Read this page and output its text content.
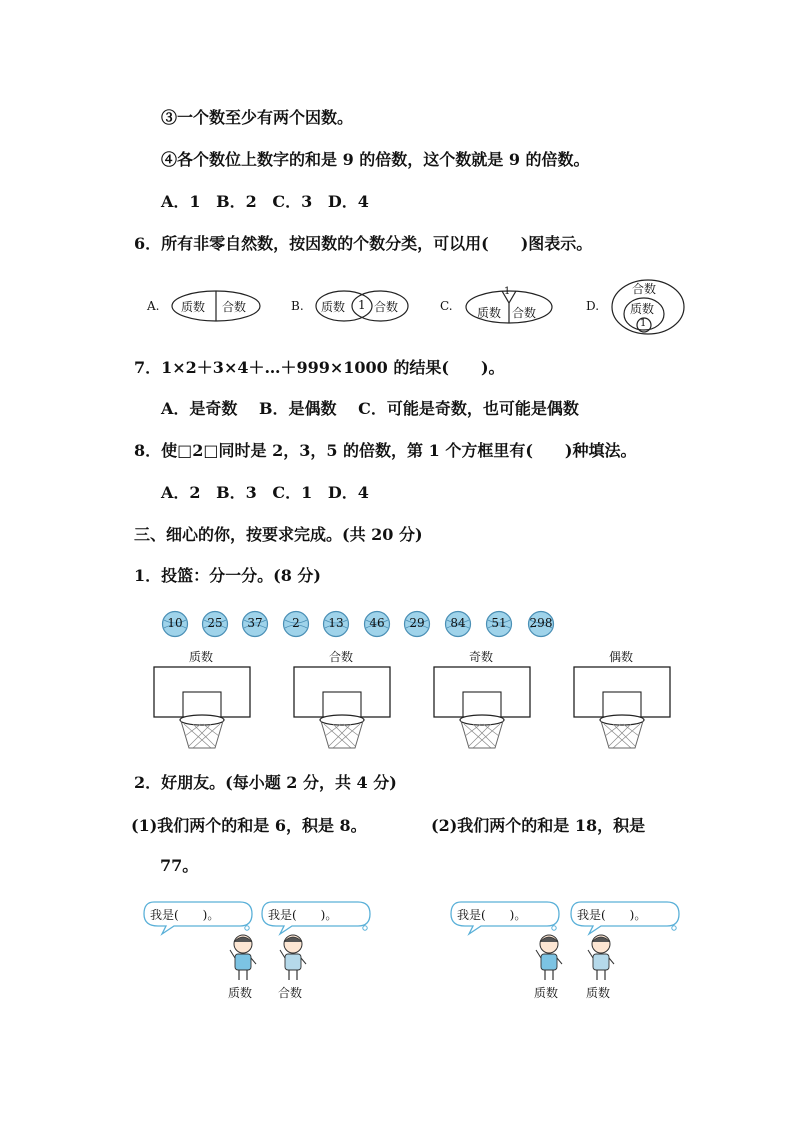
③一个数至少有两个因数。
④各个数位上数字的和是 9 的倍数，这个数就是 9 的倍数。
A．1 B．2 C．3 D．4
6．所有非零自然数，按因数的个数分类，可以用(　　)图表示。
A. 质数 合数	B. 质数 1 合数	C.
1
质数 合数	D.
合数
质数
1
7．1×2＋3×4＋…＋999×1000 的结果(　　)。
A．是奇数 B．是偶数 C．可能是奇数，也可能是偶数
8．使□2□同时是 2，3，5 的倍数，第 1 个方框里有(　　)种填法。
A．2 B．3 C．1 D．4
三、细心的你，按要求完成。(共 20 分)
1．投篮：分一分。(8 分)
10	25	37	2	13	46	29	84	51	298
质数	合数	奇数	偶数
2．好朋友。(每小题 2 分，共 4 分)
(1)我们两个的和是 6，积是 8。	(2)我们两个的和是 18，积是
77。
我是(　　)。	我是(　　)。	我是(　　)。	我是(　　)。
质数 合数	质数 质数
